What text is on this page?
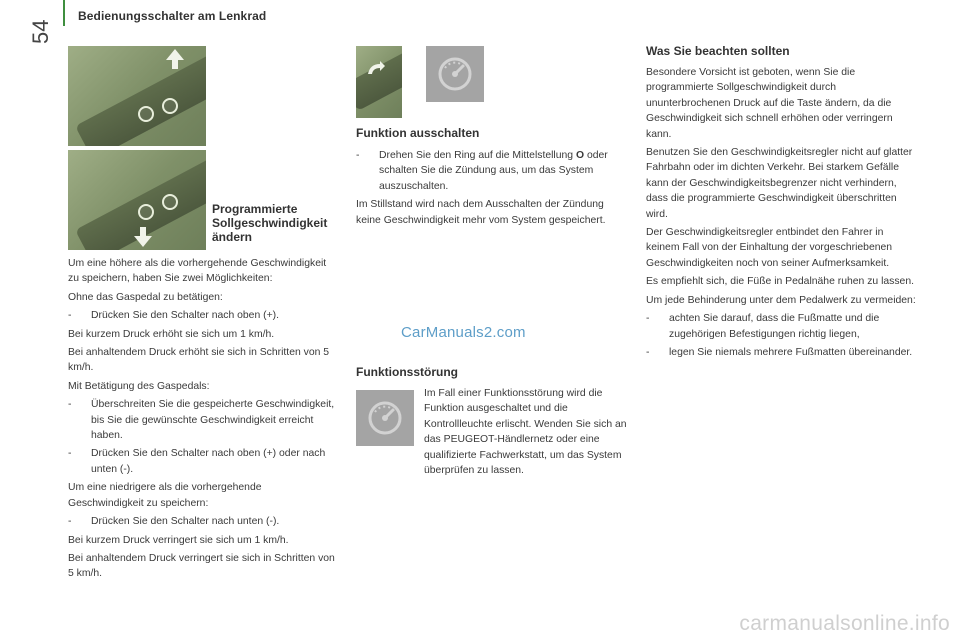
54
Bedienungsschalter am Lenkrad
Programmierte Sollgeschwindigkeit ändern

Um eine höhere als die vorhergehende Geschwindigkeit zu speichern, haben Sie zwei Möglichkeiten:

Ohne das Gaspedal zu betätigen:

- Drücken Sie den Schalter nach oben (+).

Bei kurzem Druck erhöht sie sich um 1 km/h.

Bei anhaltendem Druck erhöht sie sich in Schritten von 5 km/h.

Mit Betätigung des Gaspedals:

- Überschreiten Sie die gespeicherte Geschwindigkeit, bis Sie die gewünschte Geschwindigkeit erreicht haben.
- Drücken Sie den Schalter nach oben (+) oder nach unten (-).

Um eine niedrigere als die vorhergehende Geschwindigkeit zu speichern:

- Drücken Sie den Schalter nach unten (-).

Bei kurzem Druck verringert sie sich um 1 km/h.

Bei anhaltendem Druck verringert sie sich in Schritten von 5 km/h.

Funktion ausschalten
- Drehen Sie den Ring auf die Mittelstellung O oder schalten Sie die Zündung aus, um das System auszuschalten.

Im Stillstand wird nach dem Ausschalten der Zündung keine Geschwindigkeit mehr vom System gespeichert.

CarManuals2.com
Funktionsstörung

Im Fall einer Funktionsstörung wird die Funktion ausgeschaltet und die Kontrollleuchte erlischt. Wenden Sie sich an das PEUGEOT-Händlernetz oder eine qualifizierte Fachwerkstatt, um das System überprüfen zu lassen.

Was Sie beachten sollten

Besondere Vorsicht ist geboten, wenn Sie die programmierte Sollgeschwindigkeit durch ununterbrochenen Druck auf die Taste ändern, da die Geschwindigkeit sich schnell erhöhen oder verringern kann.

Benutzen Sie den Geschwindigkeitsregler nicht auf glatter Fahrbahn oder im dichten Verkehr. Bei starkem Gefälle kann der Geschwindigkeitsbegrenzer nicht verhindern, dass die programmierte Geschwindigkeit überschritten wird.

Der Geschwindigkeitsregler entbindet den Fahrer in keinem Fall von der Einhaltung der vorgeschriebenen Geschwindigkeiten noch von seiner Aufmerksamkeit.

Es empfiehlt sich, die Füße in Pedalnähe ruhen zu lassen.

Um jede Behinderung unter dem Pedalwerk zu vermeiden:

- achten Sie darauf, dass die Fußmatte und die zugehörigen Befestigungen richtig liegen,
- legen Sie niemals mehrere Fußmatten übereinander.
carmanualsonline.info
